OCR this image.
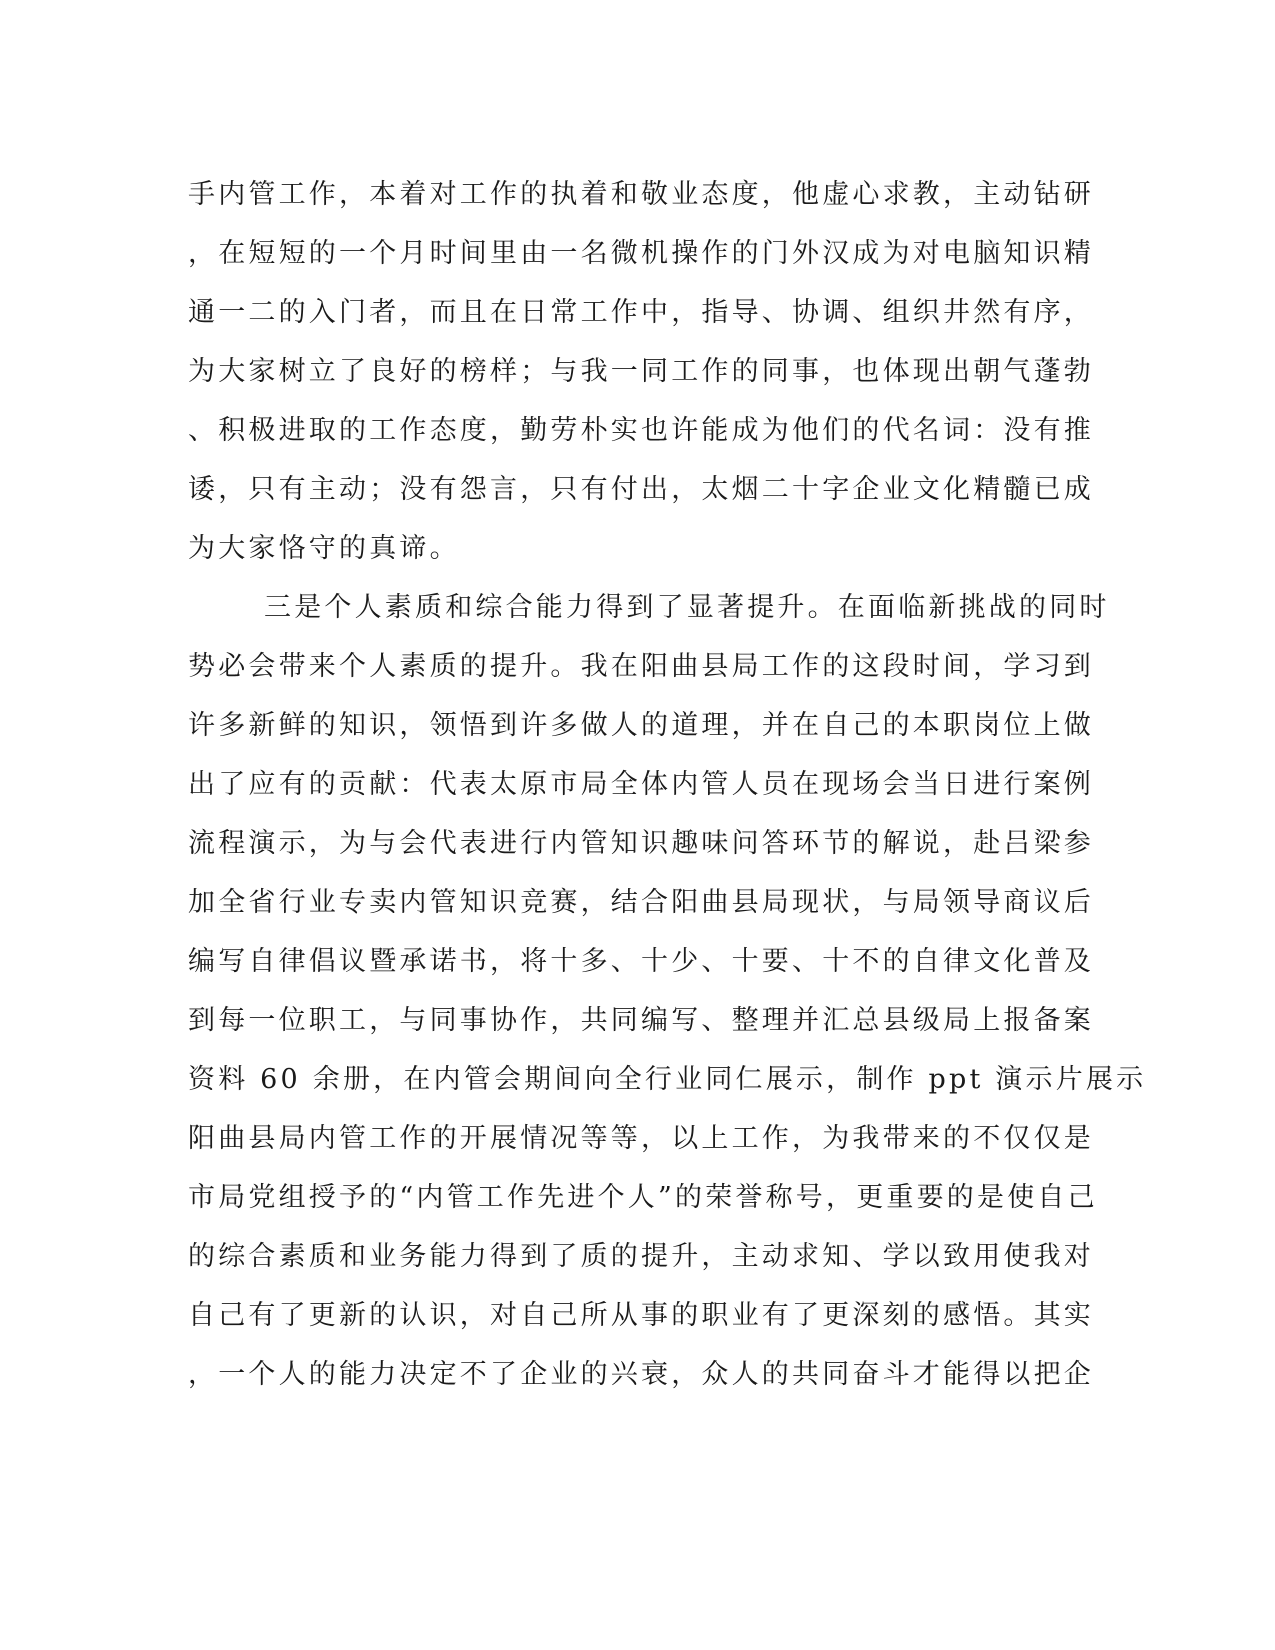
手内管工作，本着对工作的执着和敬业态度，他虚心求教，主动钻研
，在短短的一个月时间里由一名微机操作的门外汉成为对电脑知识精
通一二的入门者，而且在日常工作中，指导、协调、组织井然有序，
为大家树立了良好的榜样；与我一同工作的同事，也体现出朝气蓬勃
、积极进取的工作态度，勤劳朴实也许能成为他们的代名词：没有推
诿，只有主动；没有怨言，只有付出，太烟二十字企业文化精髓已成
为大家恪守的真谛。
三是个人素质和综合能力得到了显著提升。在面临新挑战的同时
势必会带来个人素质的提升。我在阳曲县局工作的这段时间，学习到
许多新鲜的知识，领悟到许多做人的道理，并在自己的本职岗位上做
出了应有的贡献：代表太原市局全体内管人员在现场会当日进行案例
流程演示，为与会代表进行内管知识趣味问答环节的解说，赴吕梁参
加全省行业专卖内管知识竞赛，结合阳曲县局现状，与局领导商议后
编写自律倡议暨承诺书，将十多、十少、十要、十不的自律文化普及
到每一位职工，与同事协作，共同编写、整理并汇总县级局上报备案
资料 60 余册，在内管会期间向全行业同仁展示，制作 ppt 演示片展示
阳曲县局内管工作的开展情况等等，以上工作，为我带来的不仅仅是
市局党组授予的“内管工作先进个人”的荣誉称号，更重要的是使自己
的综合素质和业务能力得到了质的提升，主动求知、学以致用使我对
自己有了更新的认识，对自己所从事的职业有了更深刻的感悟。其实
，一个人的能力决定不了企业的兴衰，众人的共同奋斗才能得以把企
